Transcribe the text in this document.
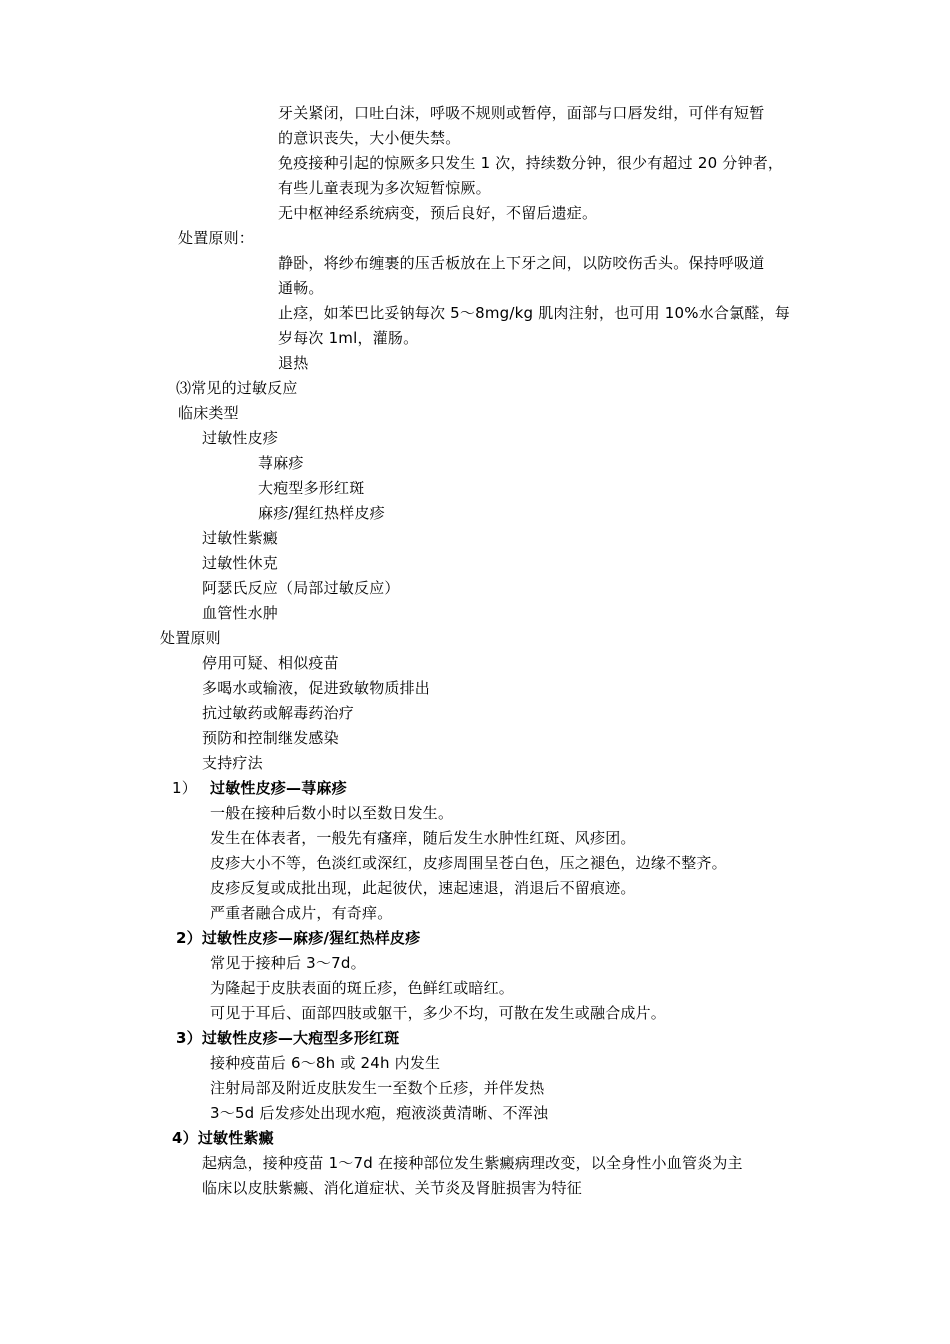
牙关紧闭，口吐白沫，呼吸不规则或暂停，面部与口唇发绀，可伴有短暂
的意识丧失，大小便失禁。
免疫接种引起的惊厥多只发生 1 次，持续数分钟，很少有超过 20 分钟者，
有些儿童表现为多次短暂惊厥。
无中枢神经系统病变，预后良好，不留后遗症。
处置原则：
静卧，将纱布缠裹的压舌板放在上下牙之间，以防咬伤舌头。保持呼吸道
通畅。
止痉，如苯巴比妥钠每次 5～8mg/kg 肌肉注射，也可用 10%水合氯醛，每
岁每次 1ml，灌肠。
退热
⑶常见的过敏反应
临床类型
过敏性皮疹
荨麻疹
大疱型多形红斑
麻疹/猩红热样皮疹
过敏性紫癜
过敏性休克
阿瑟氏反应（局部过敏反应）
血管性水肿
处置原则
停用可疑、相似疫苗
多喝水或输液，促进致敏物质排出
抗过敏药或解毒药治疗
预防和控制继发感染
支持疗法
1） 过敏性皮疹—荨麻疹
一般在接种后数小时以至数日发生。
发生在体表者，一般先有瘙痒，随后发生水肿性红斑、风疹团。
皮疹大小不等，色淡红或深红，皮疹周围呈苍白色，压之褪色，边缘不整齐。
皮疹反复或成批出现，此起彼伏，速起速退，消退后不留痕迹。
严重者融合成片，有奇痒。
2）过敏性皮疹—麻疹/猩红热样皮疹
常见于接种后 3～7d。
为隆起于皮肤表面的斑丘疹，色鲜红或暗红。
可见于耳后、面部四肢或躯干，多少不均，可散在发生或融合成片。
3）过敏性皮疹—大疱型多形红斑
接种疫苗后 6～8h 或 24h 内发生
注射局部及附近皮肤发生一至数个丘疹，并伴发热
3～5d 后发疹处出现水疱，疱液淡黄清晰、不浑浊
4）过敏性紫癜
起病急，接种疫苗 1～7d 在接种部位发生紫癜病理改变，以全身性小血管炎为主
临床以皮肤紫癜、消化道症状、关节炎及肾脏损害为特征
